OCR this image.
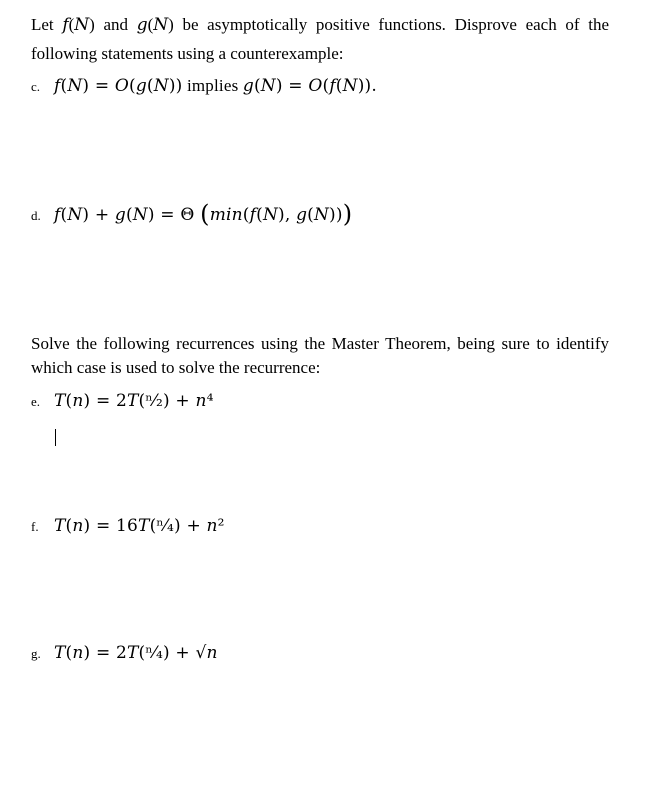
Let 𝑓(𝑁) and 𝑔(𝑁) be asymptotically positive functions. Disprove each of the following statements using a counterexample:
c. 𝑓(𝑁) = 𝑂(𝑔(𝑁)) implies 𝑔(𝑁) = 𝑂(𝑓(𝑁)).
d. 𝑓(𝑁) + 𝑔(𝑁) = Θ (𝑚𝑖𝑛(𝑓(𝑁), 𝑔(𝑁)))
Solve the following recurrences using the Master Theorem, being sure to identify which case is used to solve the recurrence:
e. 𝑇(𝑛) = 2𝑇(ⁿ⁄₂) + 𝑛⁴
f. 𝑇(𝑛) = 16𝑇(ⁿ⁄₄) + 𝑛²
g. 𝑇(𝑛) = 2𝑇(ⁿ⁄₄) + √𝑛
